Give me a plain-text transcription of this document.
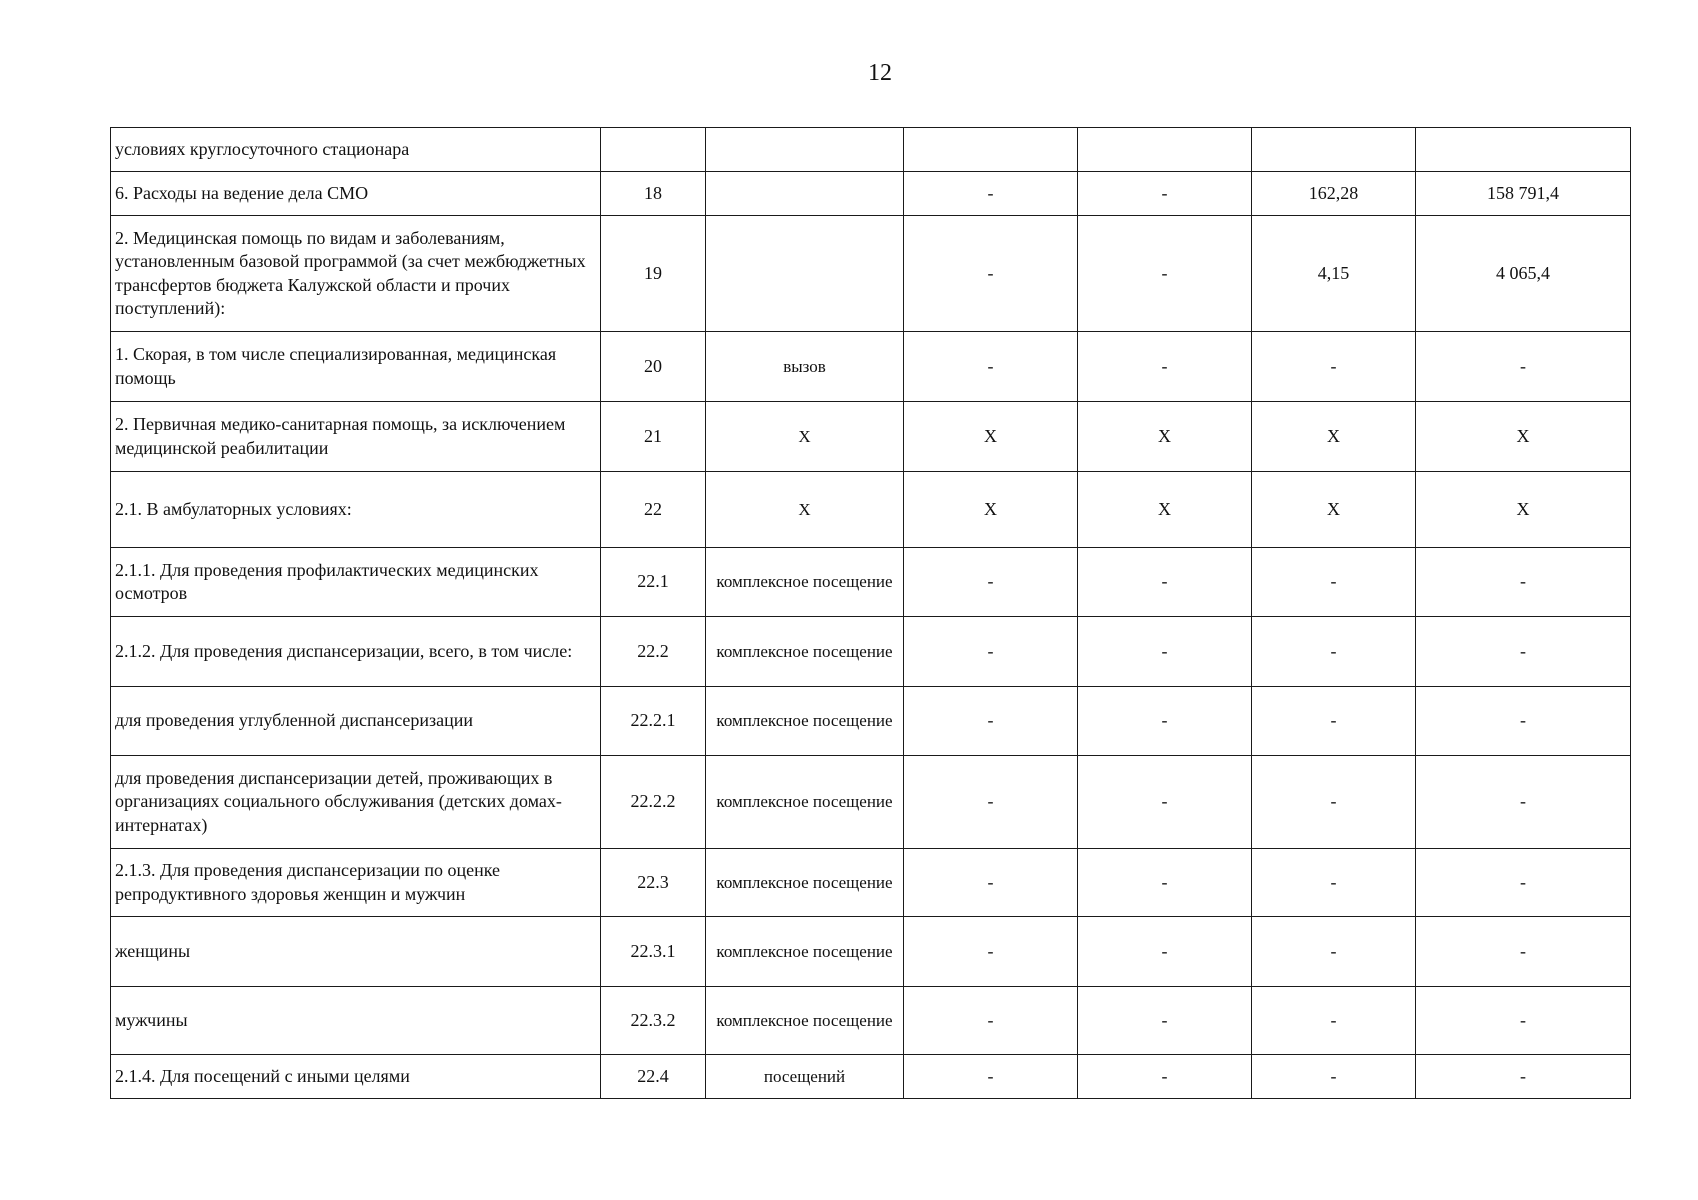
12
условиях круглосуточного стационара						
6. Расходы на ведение дела СМО	18		-	-	162,28	158 791,4
2. Медицинская помощь по видам и заболеваниям, установленным базовой программой (за счет межбюджетных трансфертов бюджета Калужской области и прочих поступлений):	19		-	-	4,15	4 065,4
1. Скорая, в том числе специализированная, медицинская помощь	20	вызов	-	-	-	-
2. Первичная медико-санитарная помощь, за исключением медицинской реабилитации	21	Х	Х	Х	Х	Х
2.1. В амбулаторных условиях:	22	Х	Х	Х	Х	Х
2.1.1. Для проведения профилактических медицинских осмотров	22.1	комплексное посещение	-	-	-	-
2.1.2. Для проведения диспансеризации, всего, в том числе:	22.2	комплексное посещение	-	-	-	-
для проведения углубленной диспансеризации	22.2.1	комплексное посещение	-	-	-	-
для проведения диспансеризации детей, проживающих в организациях социального обслуживания (детских домах-интернатах)	22.2.2	комплексное посещение	-	-	-	-
2.1.3. Для проведения диспансеризации по оценке репродуктивного здоровья женщин и мужчин	22.3	комплексное посещение	-	-	-	-
женщины	22.3.1	комплексное посещение	-	-	-	-
мужчины	22.3.2	комплексное посещение	-	-	-	-
2.1.4. Для посещений с иными целями	22.4	посещений	-	-	-	-
